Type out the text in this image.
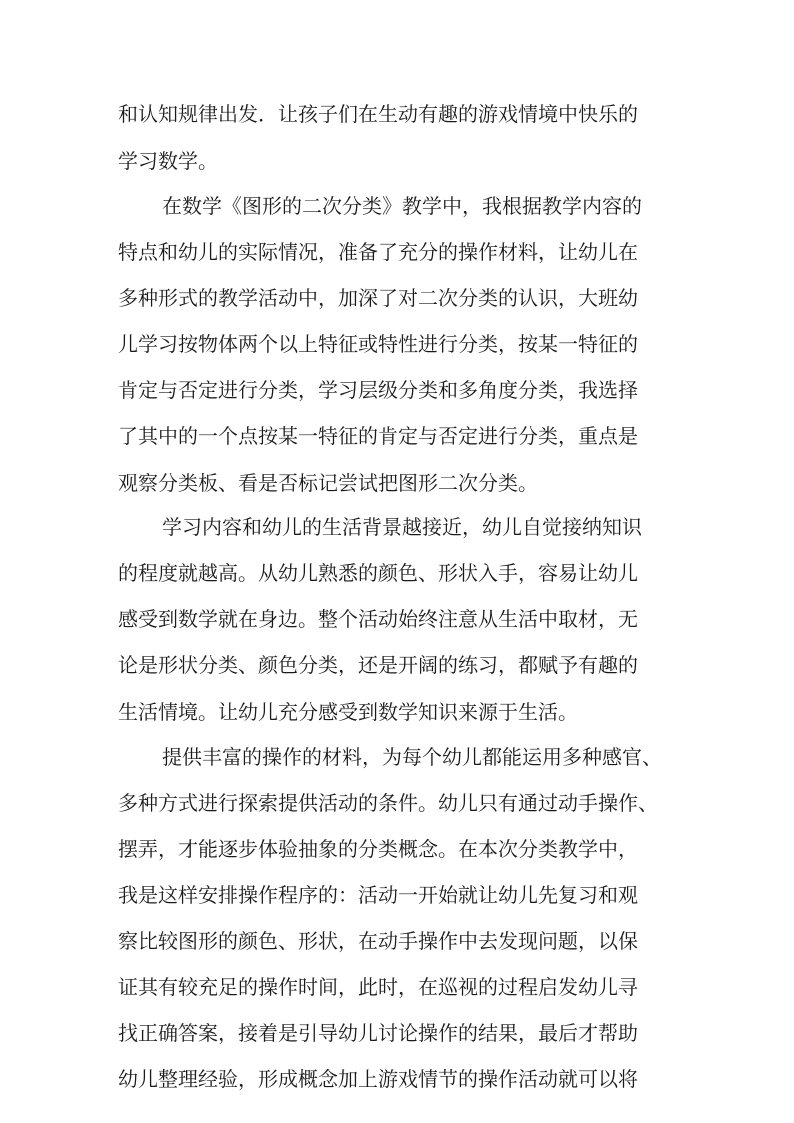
和认知规律出发．让孩子们在生动有趣的游戏情境中快乐的
学习数学。
在数学《图形的二次分类》教学中，我根据教学内容的
特点和幼儿的实际情况，准备了充分的操作材料，让幼儿在
多种形式的教学活动中，加深了对二次分类的认识，大班幼
儿学习按物体两个以上特征或特性进行分类，按某一特征的
肯定与否定进行分类，学习层级分类和多角度分类，我选择
了其中的一个点按某一特征的肯定与否定进行分类，重点是
观察分类板、看是否标记尝试把图形二次分类。
学习内容和幼儿的生活背景越接近，幼儿自觉接纳知识
的程度就越高。从幼儿熟悉的颜色、形状入手，容易让幼儿
感受到数学就在身边。整个活动始终注意从生活中取材，无
论是形状分类、颜色分类，还是开阔的练习，都赋予有趣的
生活情境。让幼儿充分感受到数学知识来源于生活。
提供丰富的操作的材料，为每个幼儿都能运用多种感官、
多种方式进行探索提供活动的条件。幼儿只有通过动手操作、
摆弄，才能逐步体验抽象的分类概念。在本次分类教学中，
我是这样安排操作程序的：活动一开始就让幼儿先复习和观
察比较图形的颜色、形状，在动手操作中去发现问题，以保
证其有较充足的操作时间，此时，在巡视的过程启发幼儿寻
找正确答案，接着是引导幼儿讨论操作的结果，最后才帮助
幼儿整理经验，形成概念加上游戏情节的操作活动就可以将
